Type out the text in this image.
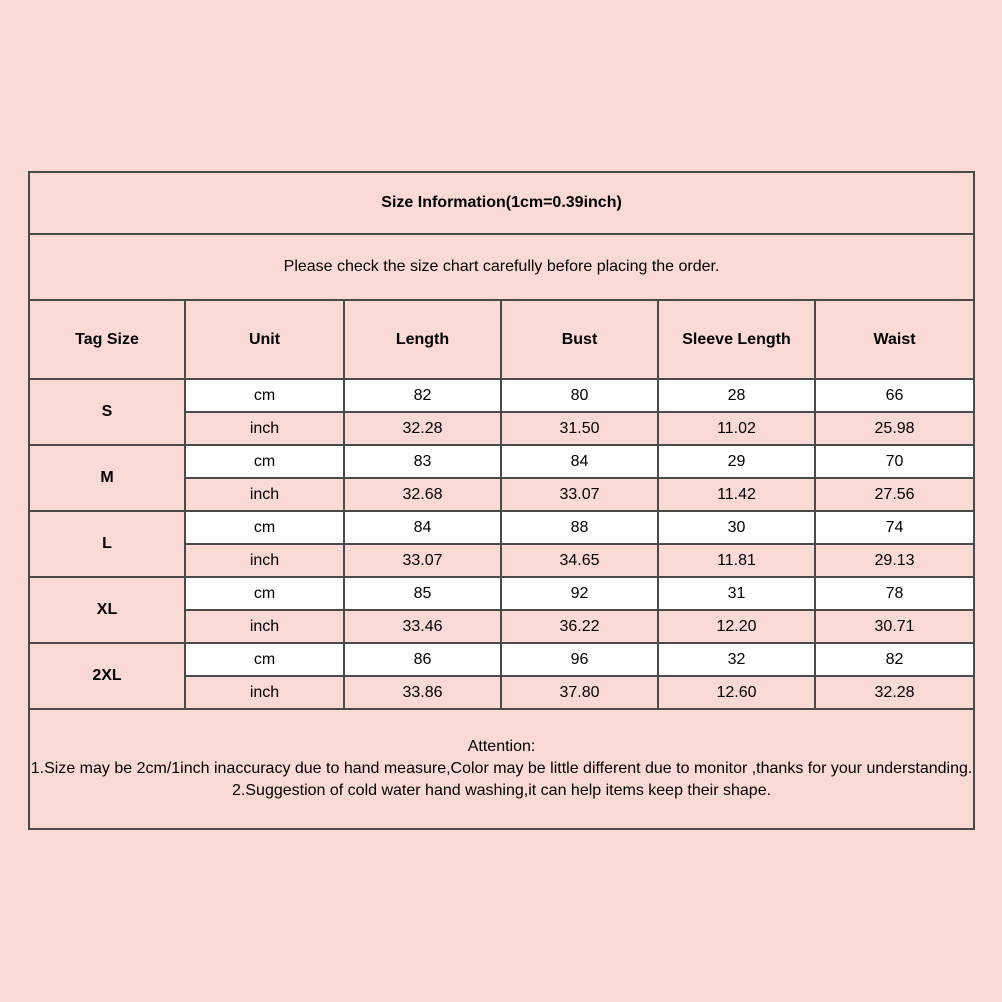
Size Information(1cm=0.39inch)					
Please check the size chart carefully before placing the order.					
Tag Size	Unit	Length	Bust	Sleeve Length	Waist
S	cm	82	80	28	66
	inch	32.28	31.50	11.02	25.98
M	cm	83	84	29	70
	inch	32.68	33.07	11.42	27.56
L	cm	84	88	30	74
	inch	33.07	34.65	11.81	29.13
XL	cm	85	92	31	78
	inch	33.46	36.22	12.20	30.71
2XL	cm	86	96	32	82
	inch	33.86	37.80	12.60	32.28

Attention:
1.Size may be 2cm/1inch inaccuracy due to hand measure,Color may be little different due to monitor ,thanks for your understanding.
2.Suggestion of cold water hand washing,it can help items keep their shape.					
